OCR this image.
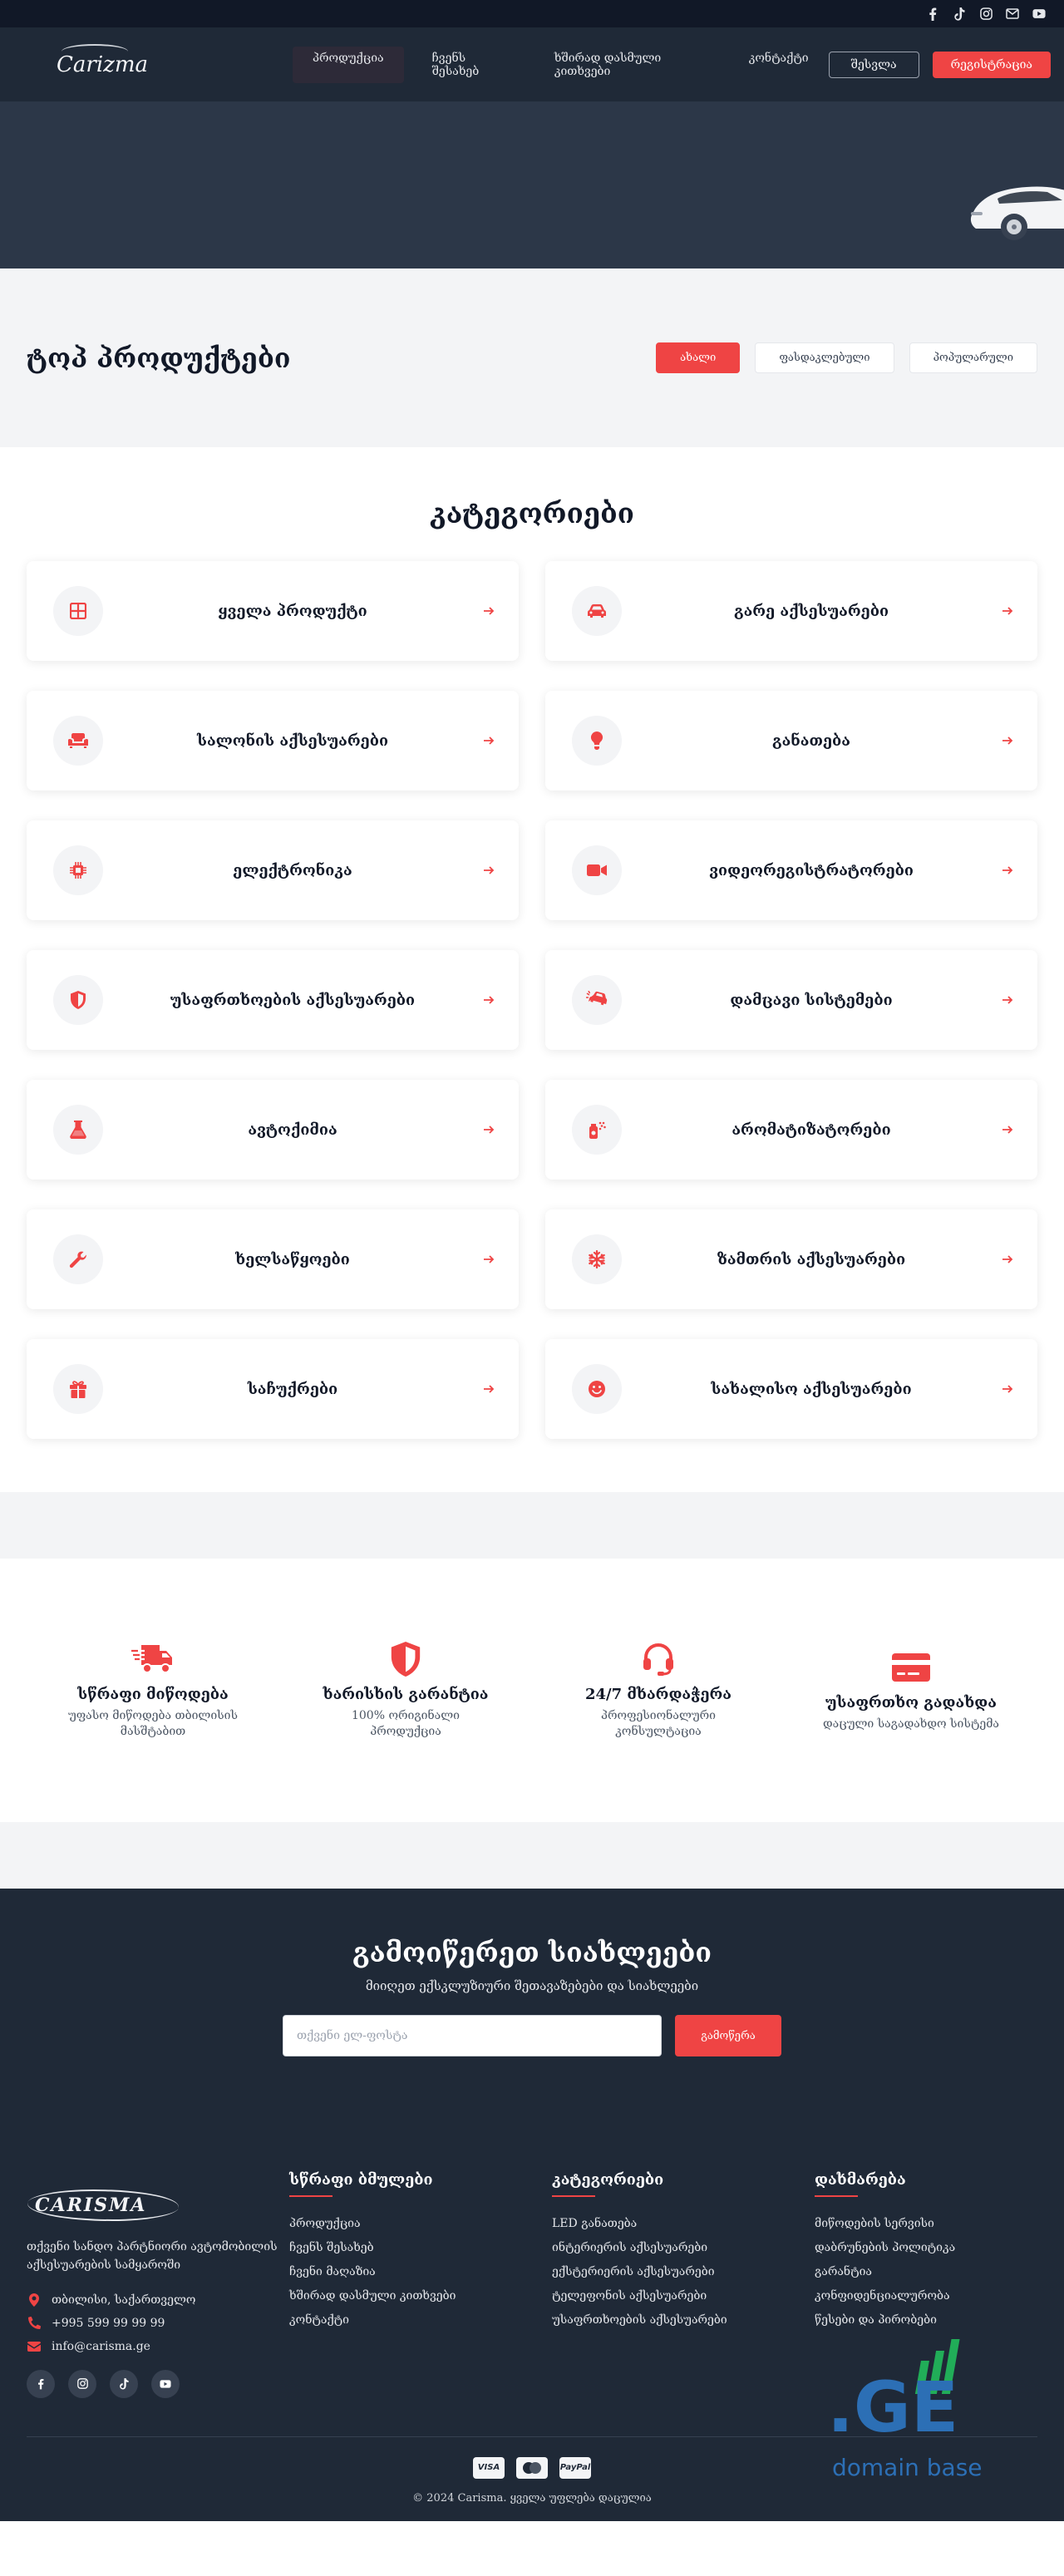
Carizma	პროდუქცია	ჩვენს შესახებ
ხშირად დასმული კითხვები
კონტაქტი	შესვლა	რეგისტრაცია
ტოპ პროდუქტები	ახალი	ფასდაკლებული	პოპულარული
კატეგორიები
ყველა პროდუქტი	გარე აქსესუარები
სალონის აქსესუარები	განათება
ელექტრონიკა	ვიდეორეგისტრატორები
უსაფრთხოების აქსესუარები	დამცავი სისტემები
ავტოქიმია	არომატიზატორები
ხელსაწყოები	ზამთრის აქსესუარები
საჩუქრები	სახალისო აქსესუარები
სწრაფი მიწოდება

უფასო მიწოდება თბილისის მასშტაბით

ხარისხის გარანტია

100% ორიგინალი პროდუქცია

24/7 მხარდაჭერა

პროფესიონალური კონსულტაცია

უსაფრთხო გადახდა

დაცული საგადახდო სისტემა

გამოიწერეთ სიახლეები

მიიღეთ ექსკლუზიური შეთავაზებები და სიახლეები

თქვენი ელ-ფოსტა
გამოწერა
CARISMA

თქვენი სანდო პარტნიორი ავტომობილის აქსესუარების სამყაროში

თბილისი, საქართველო
+995 599 99 99 99
info@carisma.ge
სწრაფი ბმულები
პროდუქცია
ჩვენს შესახებ
ჩვენი მაღაზია
ხშირად დასმული კითხვები
კონტაქტი
კატეგორიები
LED განათება
ინტერიერის აქსესუარები
ექსტერიერის აქსესუარები
ტელეფონის აქსესუარები
უსაფრთხოების აქსესუარები
დახმარება
მიწოდების სერვისი
დაბრუნების პოლიტიკა
გარანტია
კონფიდენციალურობა
წესები და პირობები
VISA	PayPal
© 2024 Carisma. ყველა უფლება დაცულია
.GE
domain base
